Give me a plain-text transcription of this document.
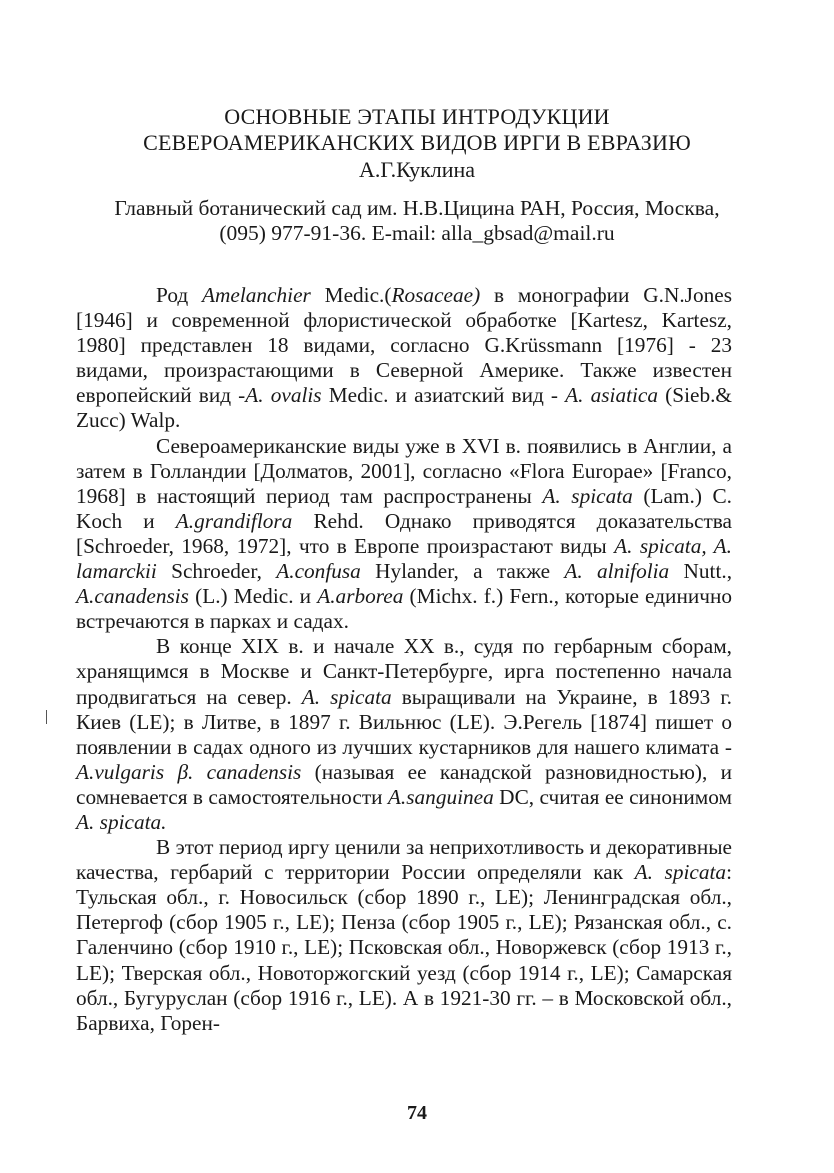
ОСНОВНЫЕ ЭТАПЫ ИНТРОДУКЦИИ
СЕВЕРОАМЕРИКАНСКИХ ВИДОВ ИРГИ В ЕВРАЗИЮ
А.Г.Куклина
Главный ботанический сад им. Н.В.Цицина РАН, Россия, Москва,
(095) 977-91-36. E-mail: alla_gbsad@mail.ru

Род Amelanchier Medic.(Rosaceae) в монографии G.N.Jones [1946] и современной флористической обработке [Kartesz, Kartesz, 1980] представлен 18 видами, согласно G.Krüssmann [1976] - 23 видами, произрастающими в Северной Америке. Также известен европейский вид -A. ovalis Medic. и азиатский вид - A. asiatica (Sieb.& Zucc) Walp.

Североамериканские виды уже в XVI в. появились в Англии, а затем в Голландии [Долматов, 2001], согласно «Flora Europae» [Franco, 1968] в настоящий период там распространены A. spicata (Lam.) C. Koch и A.grandiflora Rehd. Однако приводятся доказательства [Schroeder, 1968, 1972], что в Европе произрастают виды A. spicata, A. lamarckii Schroeder, A.confusa Hylander, а также A. alnifolia Nutt., A.canadensis (L.) Medic. и A.arborea (Michx. f.) Fern., которые единично встречаются в парках и садах.

В конце XIX в. и начале XX в., судя по гербарным сборам, хранящимся в Москве и Санкт-Петербурге, ирга постепенно начала продвигаться на север. A. spicata выращивали на Украине, в 1893 г. Киев (LE); в Литве, в 1897 г. Вильнюс (LE). Э.Регель [1874] пишет о появлении в садах одного из лучших кустарников для нашего климата - A.vulgaris β. canadensis (называя ее канадской разновидностью), и сомневается в самостоятельности A.sanguinea DC, считая ее синонимом A. spicata.

В этот период иргу ценили за неприхотливость и декоративные качества, гербарий с территории России определяли как A. spicata: Тульская обл., г. Новосильск (сбор 1890 г., LE); Ленинградская обл., Петергоф (сбор 1905 г., LE); Пенза (сбор 1905 г., LE); Рязанская обл., с. Галенчино (сбор 1910 г., LE); Псковская обл., Новоржевск (сбор 1913 г., LE); Тверская обл., Новоторжогский уезд (сбор 1914 г., LE); Самарская обл., Бугуруслан (сбор 1916 г., LE). А в 1921-30 гг. – в Московской обл., Барвиха, Горен-

74
